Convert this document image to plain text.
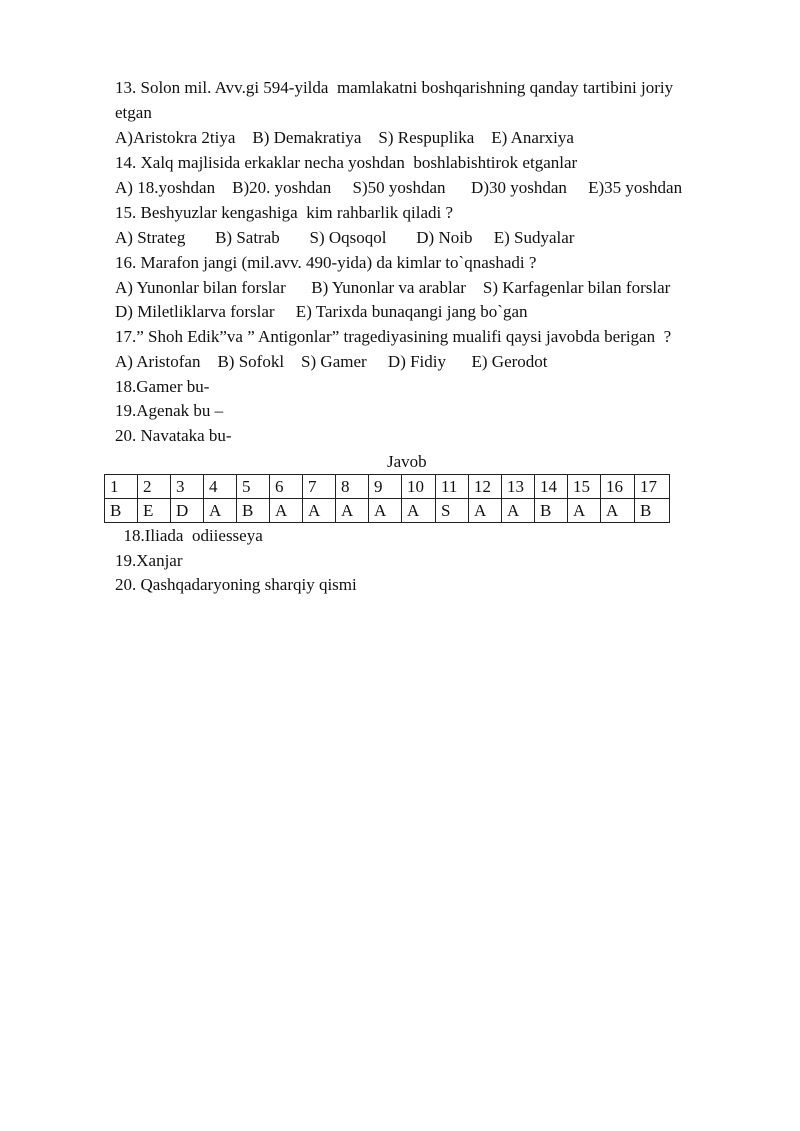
13. Solon mil. Avv.gi 594-yilda  mamlakatni boshqarishning qanday tartibini joriy
etgan
A)Aristokra 2tiya    B) Demakratiya    S) Respuplika    E) Anarxiya
14. Xalq majlisida erkaklar necha yoshdan  boshlabishtirok etganlar
A) 18.yoshdan    B)20. yoshdan     S)50 yoshdan      D)30 yoshdan     E)35 yoshdan
15. Beshyuzlar kengashiga  kim rahbarlik qiladi ?
A) Strateg       B) Satrab       S) Oqsoqol       D) Noib     E) Sudyalar
16. Marafon jangi (mil.avv. 490-yida) da kimlar to`qnashadi ?
A) Yunonlar bilan forslar      B) Yunonlar va arablar    S) Karfagenlar bilan forslar
D) Miletliklarva forslar     E) Tarixda bunaqangi jang bo`gan
17.” Shoh Edik”va ” Antigonlar” tragediyasining mualifi qaysi javobda berigan  ?
A) Aristofan    B) Sofokl    S) Gamer     D) Fidiy      E) Gerodot
18.Gamer bu-
19.Agenak bu –
20. Navataka bu-
Javob
1	2	3	4	5	6	7	8	9	10	11	12	13	14	15	16	17
B	E	D	A	B	A	A	A	A	A	S	A	A	B	A	A	B
18.Iliada  odiiesseya
19.Xanjar
20. Qashqadaryoning sharqiy qismi
